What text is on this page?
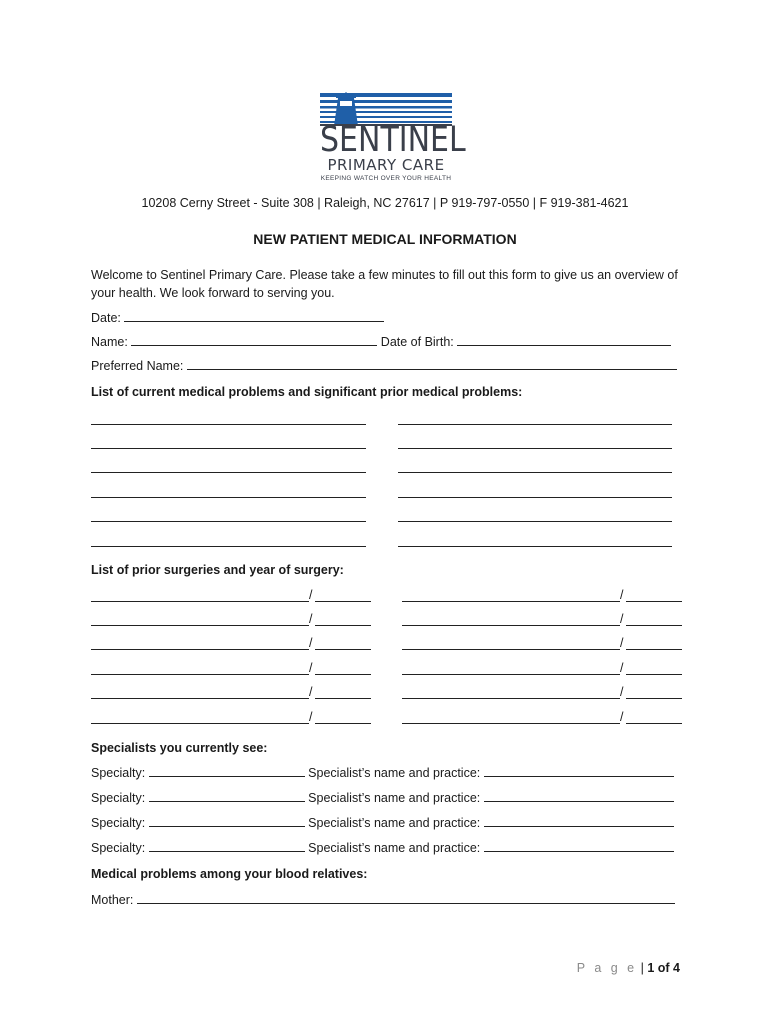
SENTINEL
PRIMARY CARE
KEEPING WATCH OVER YOUR HEALTH
10208 Cerny Street - Suite 308 | Raleigh, NC 27617 | P 919-797-0550 | F 919-381-4621
NEW PATIENT MEDICAL INFORMATION
Welcome to Sentinel Primary Care. Please take a few minutes to fill out this form to give us an overview of your health. We look forward to serving you.
Date:
Name:	Date of Birth:
Preferred Name:
List of current medical problems and significant prior medical problems:
List of prior surgeries and year of surgery:
/	/
/	/
/	/
/	/
/	/
/	/
Specialists you currently see:
Specialty:	Specialist’s name and practice:
Specialty:	Specialist’s name and practice:
Specialty:	Specialist’s name and practice:
Specialty:	Specialist’s name and practice:
Medical problems among your blood relatives:
Mother:
P a g e | 1 of 4
